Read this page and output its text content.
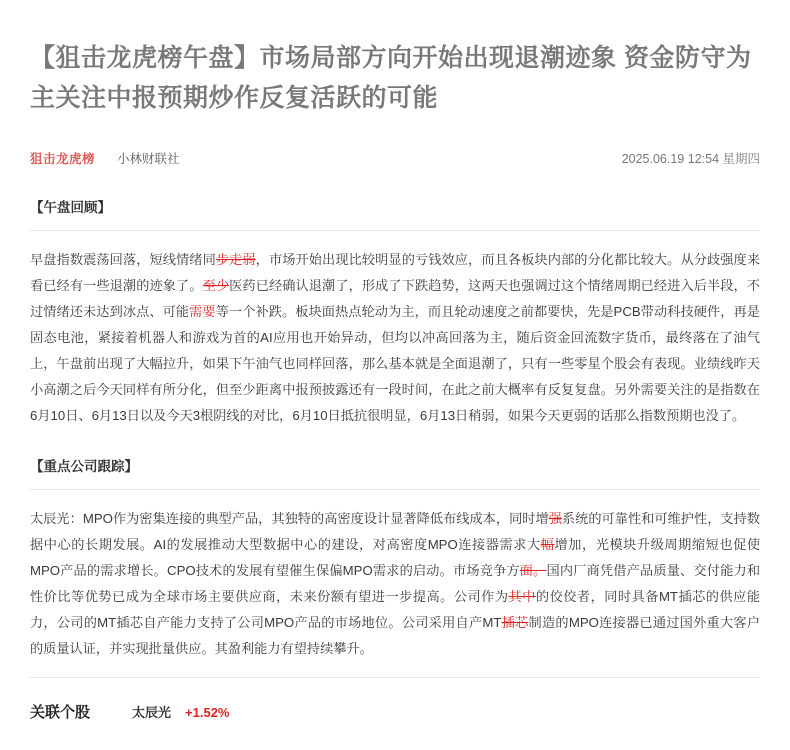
【狙击龙虎榜午盘】市场局部方向开始出现退潮迹象 资金防守为主关注中报预期炒作反复活跃的可能
狙击龙虎榜 小林财联社	2025.06.19 12:54 星期四
【午盘回顾】

早盘指数震荡回落，短线情绪同步走弱，市场开始出现比较明显的亏钱效应，而且各板块内部的分化都比较大。从分歧强度来看已经有一些退潮的迹象了。至少医药已经确认退潮了，形成了下跌趋势，这两天也强调过这个情绪周期已经进入后半段，不过情绪还未达到冰点、可能需要等一个补跌。板块面热点轮动为主，而且轮动速度之前都要快，先是PCB带动科技硬件，再是固态电池，紧接着机器人和游戏为首的AI应用也开始异动，但均以冲高回落为主，随后资金回流数字货币，最终落在了油气上，午盘前出现了大幅拉升，如果下午油气也同样回落，那么基本就是全面退潮了，只有一些零星个股会有表现。业绩线昨天小高潮之后今天同样有所分化，但至少距离中报预披露还有一段时间，在此之前大概率有反复复盘。另外需要关注的是指数在6月10日、6月13日以及今天3根阴线的对比，6月10日抵抗很明显，6月13日稍弱，如果今天更弱的话那么指数预期也没了。

【重点公司跟踪】

太辰光：MPO作为密集连接的典型产品，其独特的高密度设计显著降低布线成本，同时增强系统的可靠性和可维护性，支持数据中心的长期发展。AI的发展推动大型数据中心的建设，对高密度MPO连接器需求大幅增加，光模块升级周期缩短也促使MPO产品的需求增长。CPO技术的发展有望催生保偏MPO需求的启动。市场竞争方面。国内厂商凭借产品质量、交付能力和性价比等优势已成为全球市场主要供应商，未来份额有望进一步提高。公司作为其中的佼佼者，同时具备MT插芯的供应能力，公司的MT插芯自产能力支持了公司MPO产品的市场地位。公司采用自产MT插芯制造的MPO连接器已通过国外重大客户的质量认证，并实现批量供应。其盈利能力有望持续攀升。

关联个股	太辰光 +1.52%
